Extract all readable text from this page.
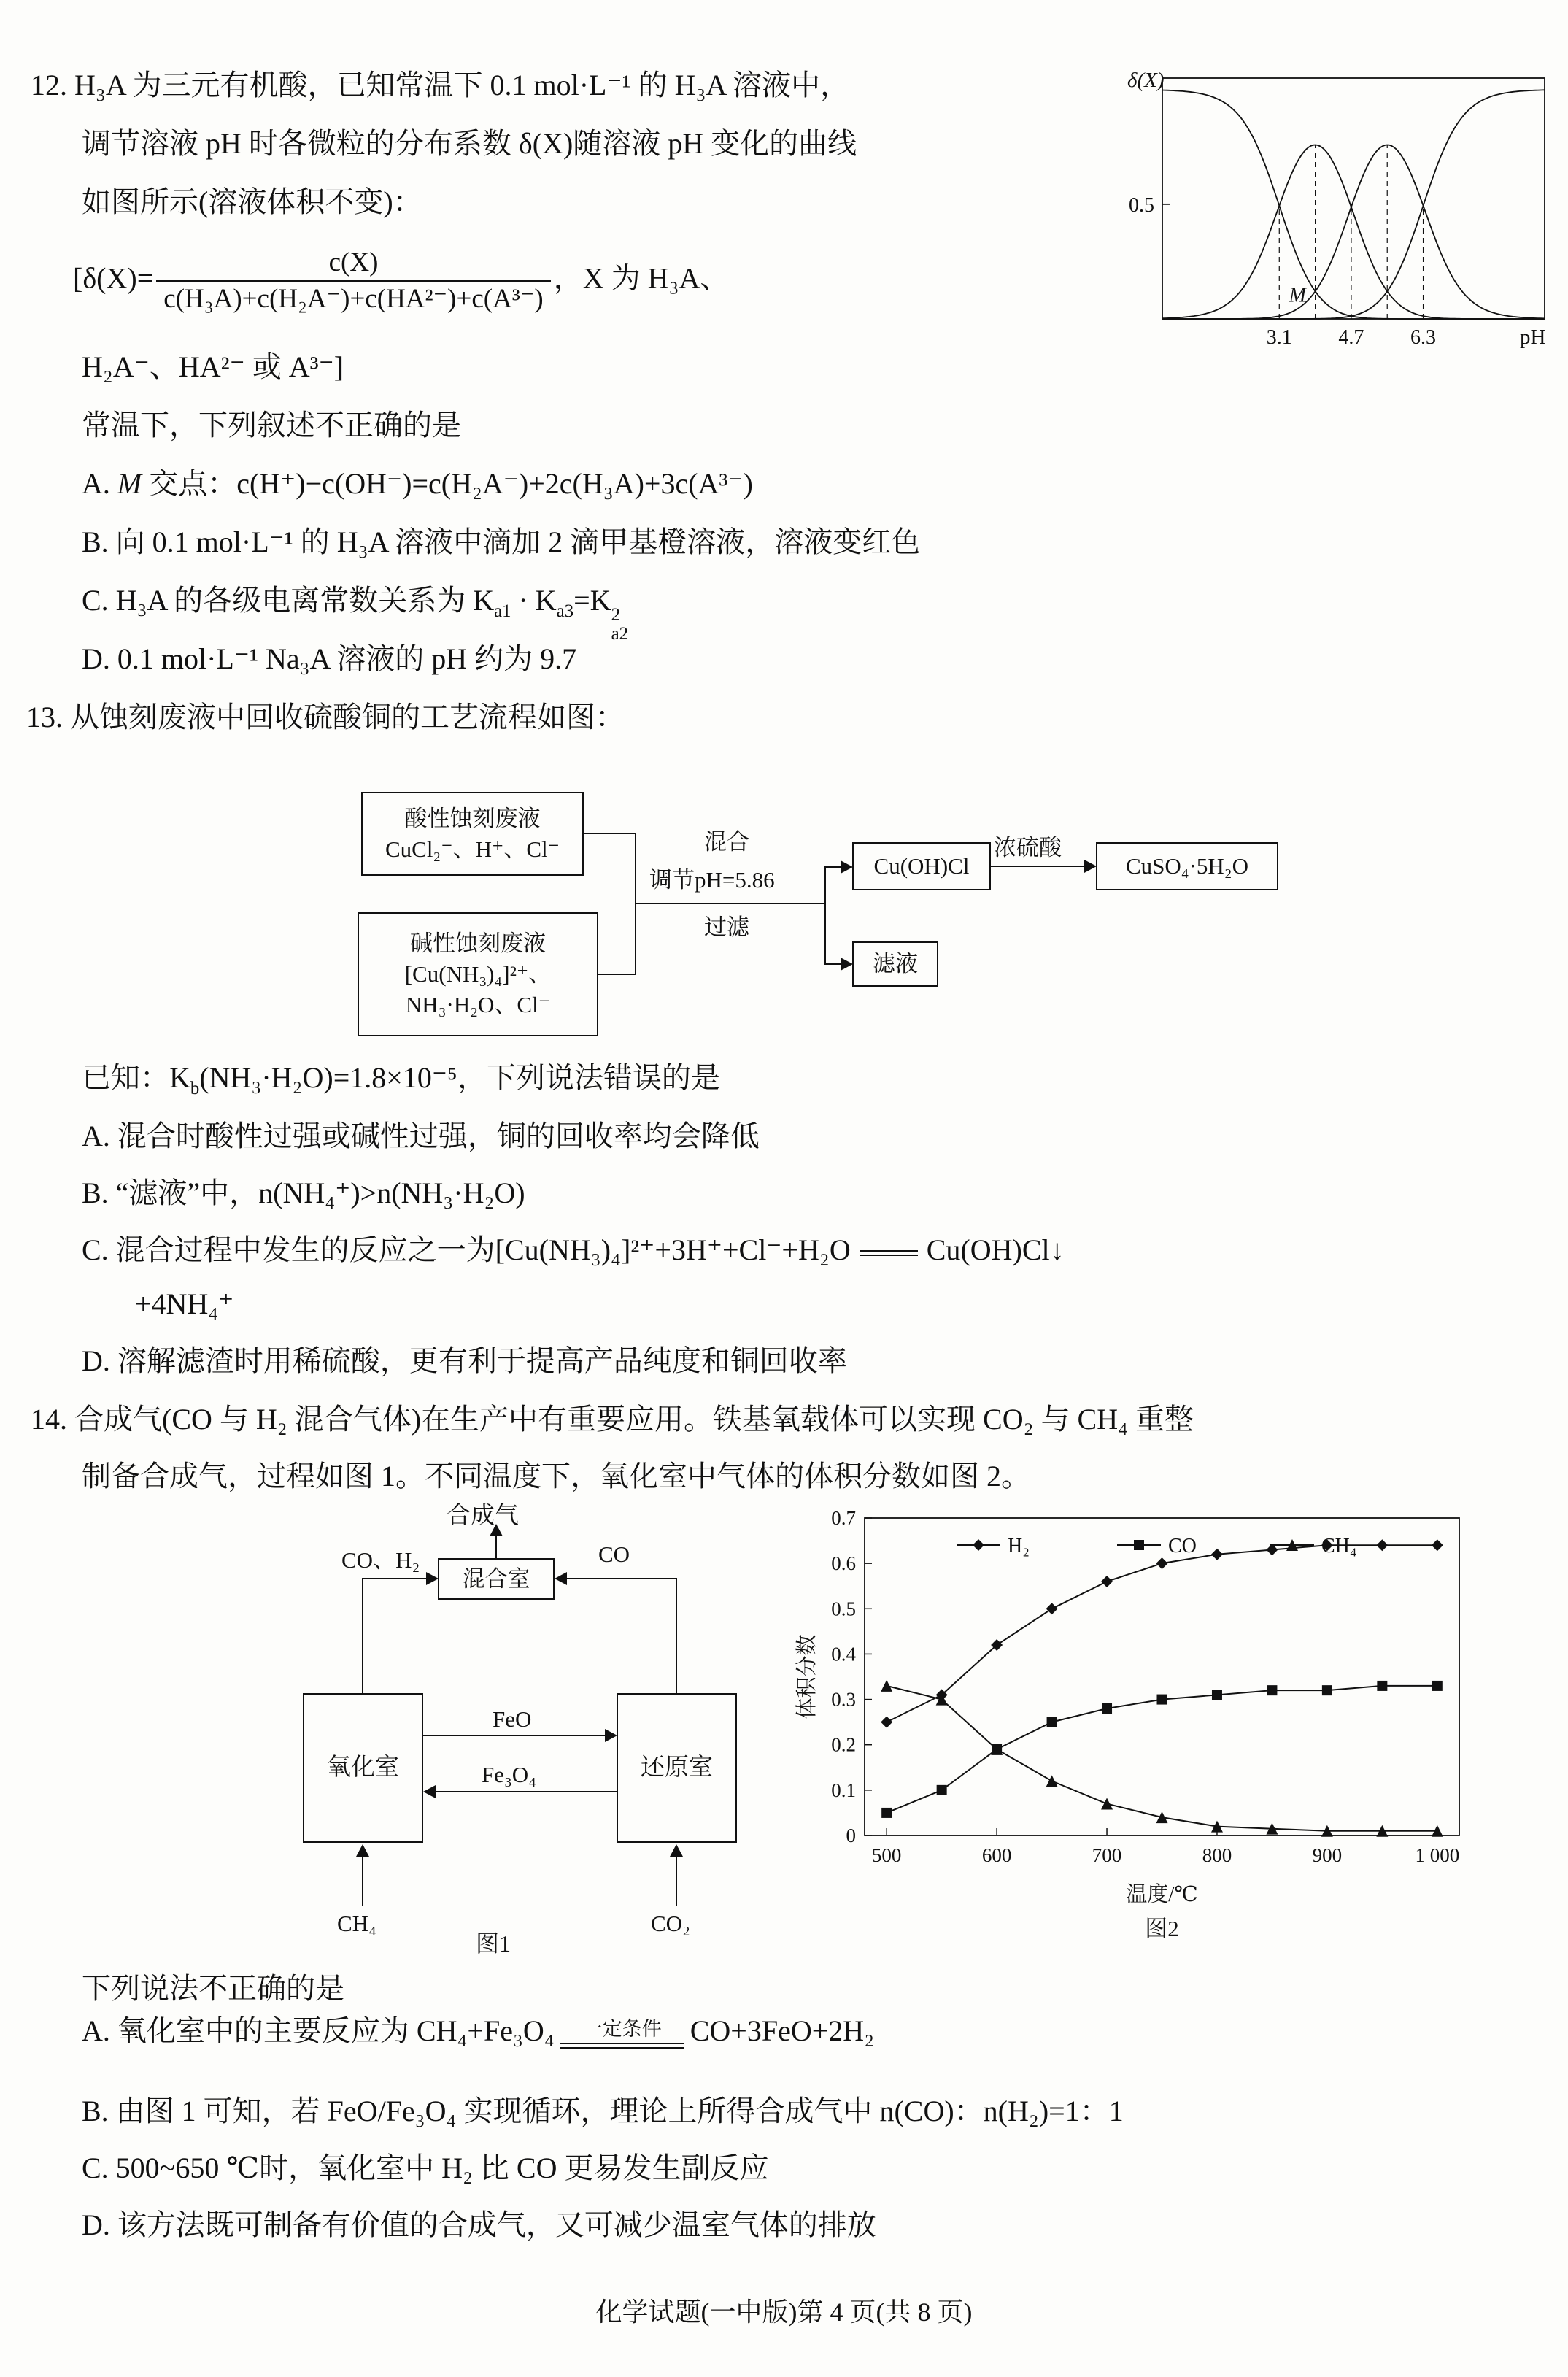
12. H₃A 为三元有机酸，已知常温下 0.1 mol·L⁻¹ 的 H₃A 溶液中，
调节溶液 pH 时各微粒的分布系数 δ(X)随溶液 pH 变化的曲线
如图所示(溶液体积不变)：
[$\delta(X)= \frac{c(X)}{\text{c(H₃A)+c(H₂A⁻)+c(HA²⁻)+c(A³⁻)}}$ ，X 为 H₃A、
H₂A⁻、HA²⁻ 或 A³⁻]
常温下，下列叙述不正确的是
A. M 交点：c(H⁺)−c(OH⁻)=c(H₂A⁻)+2c(H₃A)+3c(A³⁻)
B. 向 0.1 mol·L⁻¹ 的 H₃A 溶液中滴加 2 滴甲基橙溶液，溶液变红色
C. H₃A 的各级电离常数关系为 $K_{a1} \cdot K_{a3}=K$ 2
a2
D. 0.1 mol·L⁻¹ Na₃A 溶液的 pH 约为 9.7
δ(X)
0.5
3.1 4.7 6.3
M
pH
13. 从蚀刻废液中回收硫酸铜的工艺流程如图：
酸性蚀刻废液
CuCl₂⁻、H⁺、Cl⁻
碱性蚀刻废液
[Cu(NH₃)₄]²⁺、
NH₃·H₂O、Cl⁻
混合
调节pH=5.86
过滤
Cu(OH)Cl
浓硫酸
CuSO₄·5H₂O
滤液
已知：$K_b(NH_3\cdot H_2O)=1.8\times 10^{-5}$，下列说法错误的是
A. 混合时酸性过强或碱性过强，铜的回收率均会降低
B. “滤液”中，n(NH₄⁺)>n(NH₃·H₂O)
C. 混合过程中发生的反应之一为[Cu(NH₃)₄]²⁺+3H⁺+Cl⁻+H₂O	Cu(OH)Cl↓
+4NH₄⁺
D. 溶解滤渣时用稀硫酸，更有利于提高产品纯度和铜回收率
14. 合成气(CO 与 H₂ 混合气体)在生产中有重要应用。铁基氧载体可以实现 CO₂ 与 CH₄ 重整
制备合成气，过程如图 1。不同温度下，氧化室中气体的体积分数如图 2。
合成气
混合室
CO、H₂	CO
氧化室	还原室
FeO
Fe₃O₄
CH₄	CO₂
图1
0
0.1
0.2
0.3
0.4
0.5
0.6
0.7
500	600	700	800	900	1 000
体积分数
温度/℃
图2
H₂	CO	CH₄
下列说法不正确的是
A. 氧化室中的主要反应为 CH₄+Fe₃O₄ 一定条件 CO+3FeO+2H₂
B. 由图 1 可知，若 FeO/Fe₃O₄ 实现循环，理论上所得合成气中 n(CO)：n(H₂)=1：1
C. 500~650 ℃时，氧化室中 H₂ 比 CO 更易发生副反应
D. 该方法既可制备有价值的合成气，又可减少温室气体的排放
化学试题(一中版)第 4 页(共 8 页)
